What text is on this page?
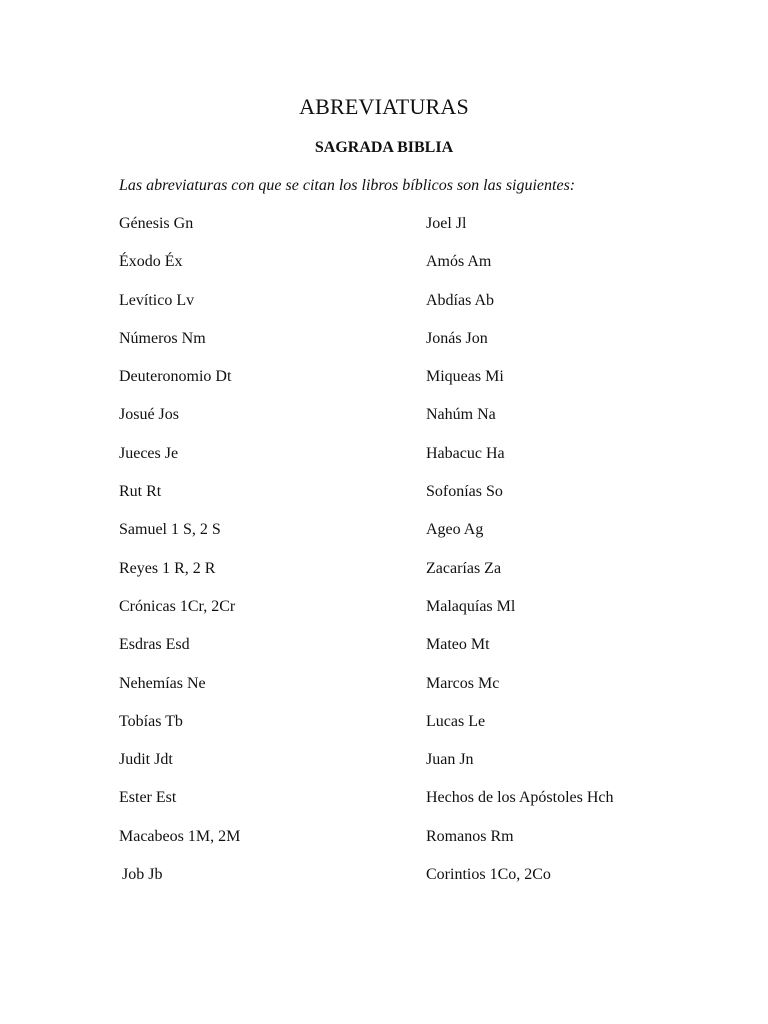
ABREVIATURAS
SAGRADA BIBLIA

Las abreviaturas con que se citan los libros bíblicos son las siguientes:

Génesis Gn
Éxodo Éx
Levítico Lv
Números Nm
Deuteronomio Dt
Josué Jos
Jueces Je
Rut Rt
Samuel 1 S, 2 S
Reyes 1 R, 2 R
Crónicas 1Cr, 2Cr
Esdras Esd
Nehemías Ne
Tobías Tb
Judit Jdt
Ester Est
Macabeos 1M, 2M
Job Jb
Joel Jl
Amós Am
Abdías Ab
Jonás Jon
Miqueas Mi
Nahúm Na
Habacuc Ha
Sofonías So
Ageo Ag
Zacarías Za
Malaquías Ml
Mateo Mt
Marcos Mc
Lucas Le
Juan Jn
Hechos de los Apóstoles Hch
Romanos Rm
Corintios 1Co, 2Co
